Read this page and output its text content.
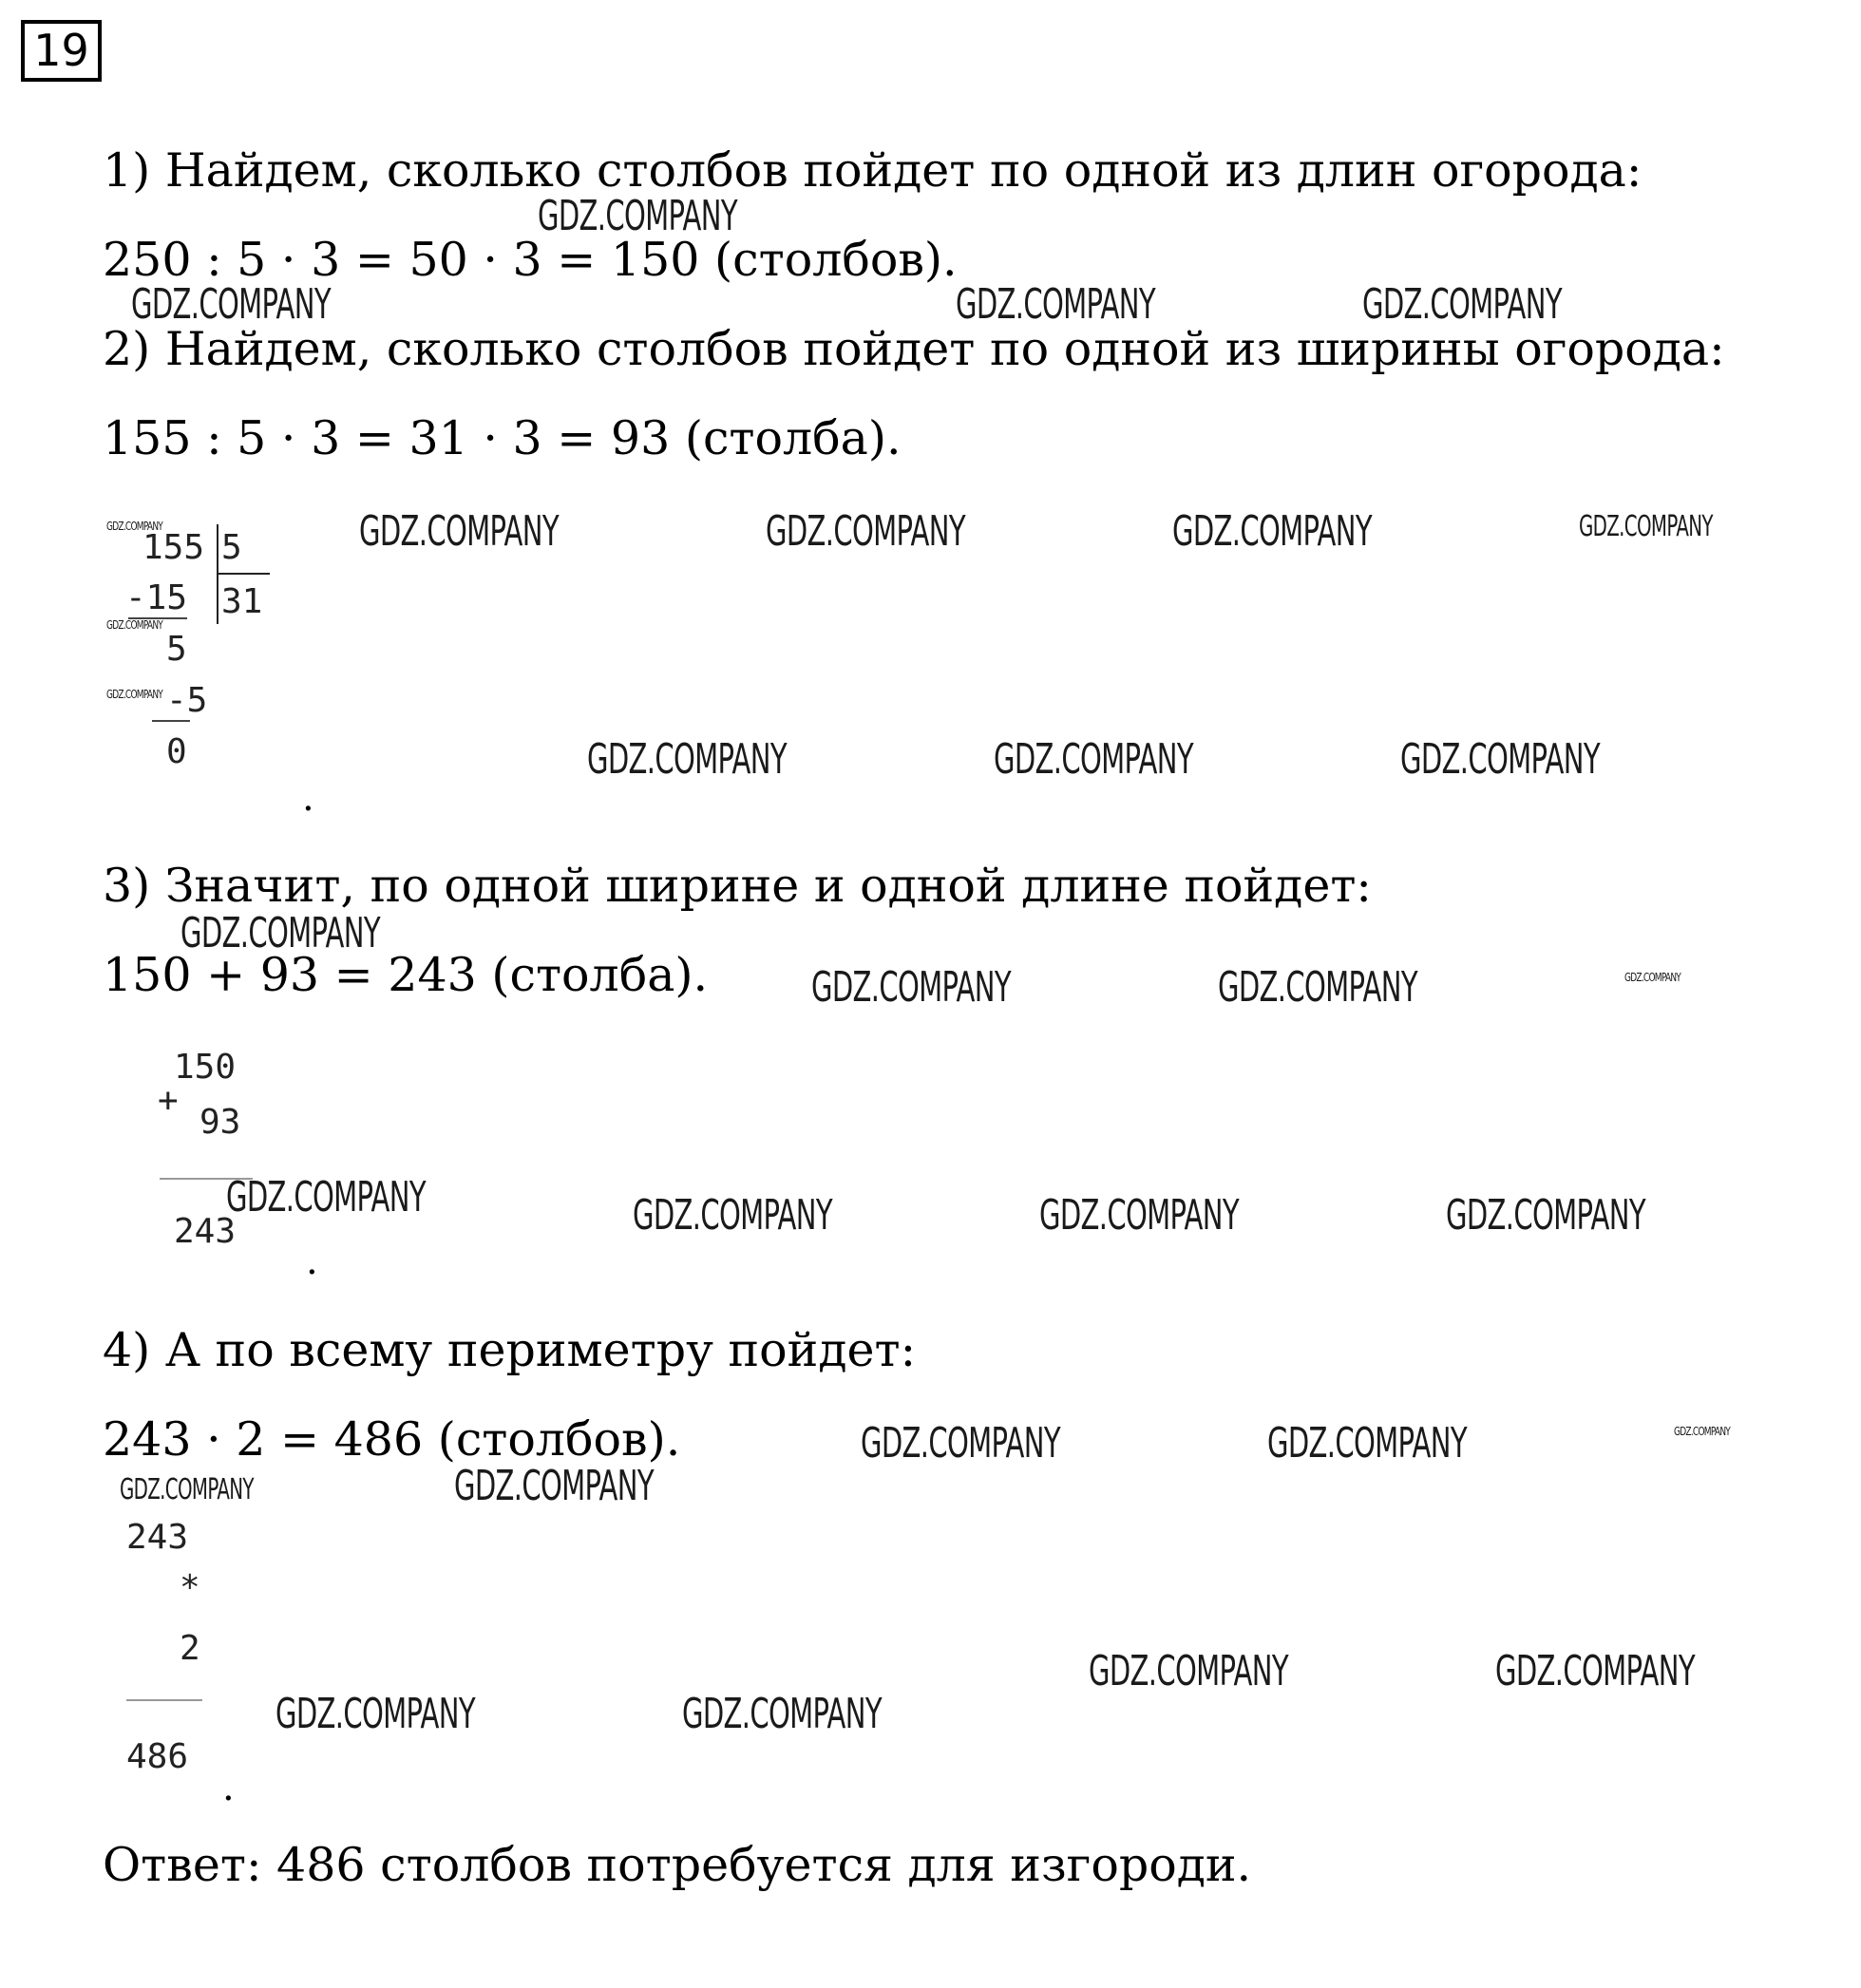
19
1) Найдем, сколько столбов пойдет по одной из длин огорода:
250 : 5 · 3 = 50 · 3 = 150 (столбов).
2) Найдем, сколько столбов пойдет по одной из ширины огорода:
155 : 5 · 3 = 31 · 3 = 93 (столба).
155 5
-15 31
5
-5
0
.
3) Значит, по одной ширине и одной длине пойдет:
150 + 93 = 243 (столба).
150
+
93
243
.
4) А по всему периметру пойдет:
243 · 2 = 486 (столбов).
243
*
2
486
.
Ответ: 486 столбов потребуется для изгороди.
GDZ.COMPANY
GDZ.COMPANY	GDZ.COMPANY	GDZ.COMPANY
GDZ.COMPANY	GDZ.COMPANY	GDZ.COMPANY	GDZ.COMPANY	GDZ.COMPANY
GDZ.COMPANY
GDZ.COMPANY
GDZ.COMPANY	GDZ.COMPANY	GDZ.COMPANY
GDZ.COMPANY
GDZ.COMPANY	GDZ.COMPANY	GDZ.COMPANY
GDZ.COMPANY	GDZ.COMPANY	GDZ.COMPANY	GDZ.COMPANY
GDZ.COMPANY	GDZ.COMPANY	GDZ.COMPANY
GDZ.COMPANY	GDZ.COMPANY
GDZ.COMPANY	GDZ.COMPANY
GDZ.COMPANY	GDZ.COMPANY
